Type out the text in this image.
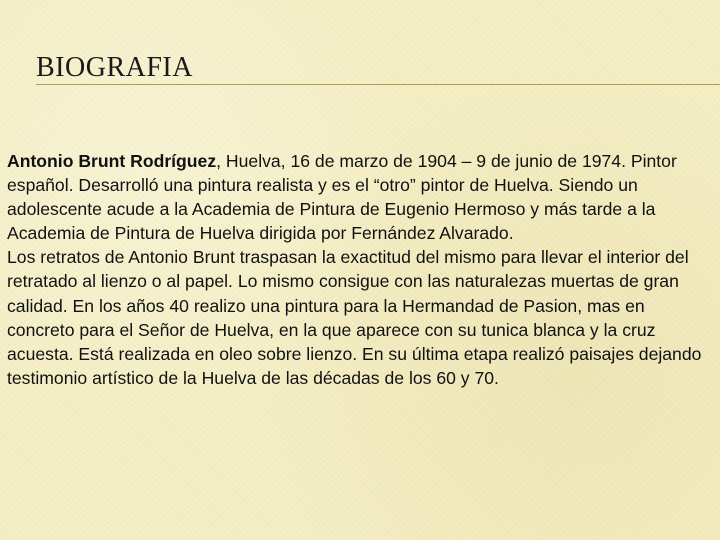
BIOGRAFIA

Antonio Brunt Rodríguez, Huelva, 16 de marzo de 1904 – 9 de junio de 1974. Pintor español. Desarrolló una pintura realista y es el “otro” pintor de Huelva. Siendo un adolescente acude a la Academia de Pintura de Eugenio Hermoso y más tarde a la Academia de Pintura de Huelva dirigida por Fernández Alvarado.

Los retratos de Antonio Brunt traspasan la exactitud del mismo para llevar el interior del retratado al lienzo o al papel. Lo mismo consigue con las naturalezas muertas de gran calidad. En los años 40 realizo una pintura para la Hermandad de Pasion, mas en concreto para el Señor de Huelva, en la que aparece con su tunica blanca y la cruz acuesta. Está realizada en oleo sobre lienzo. En su última etapa realizó paisajes dejando testimonio artístico de la Huelva de las décadas de los 60 y 70.
